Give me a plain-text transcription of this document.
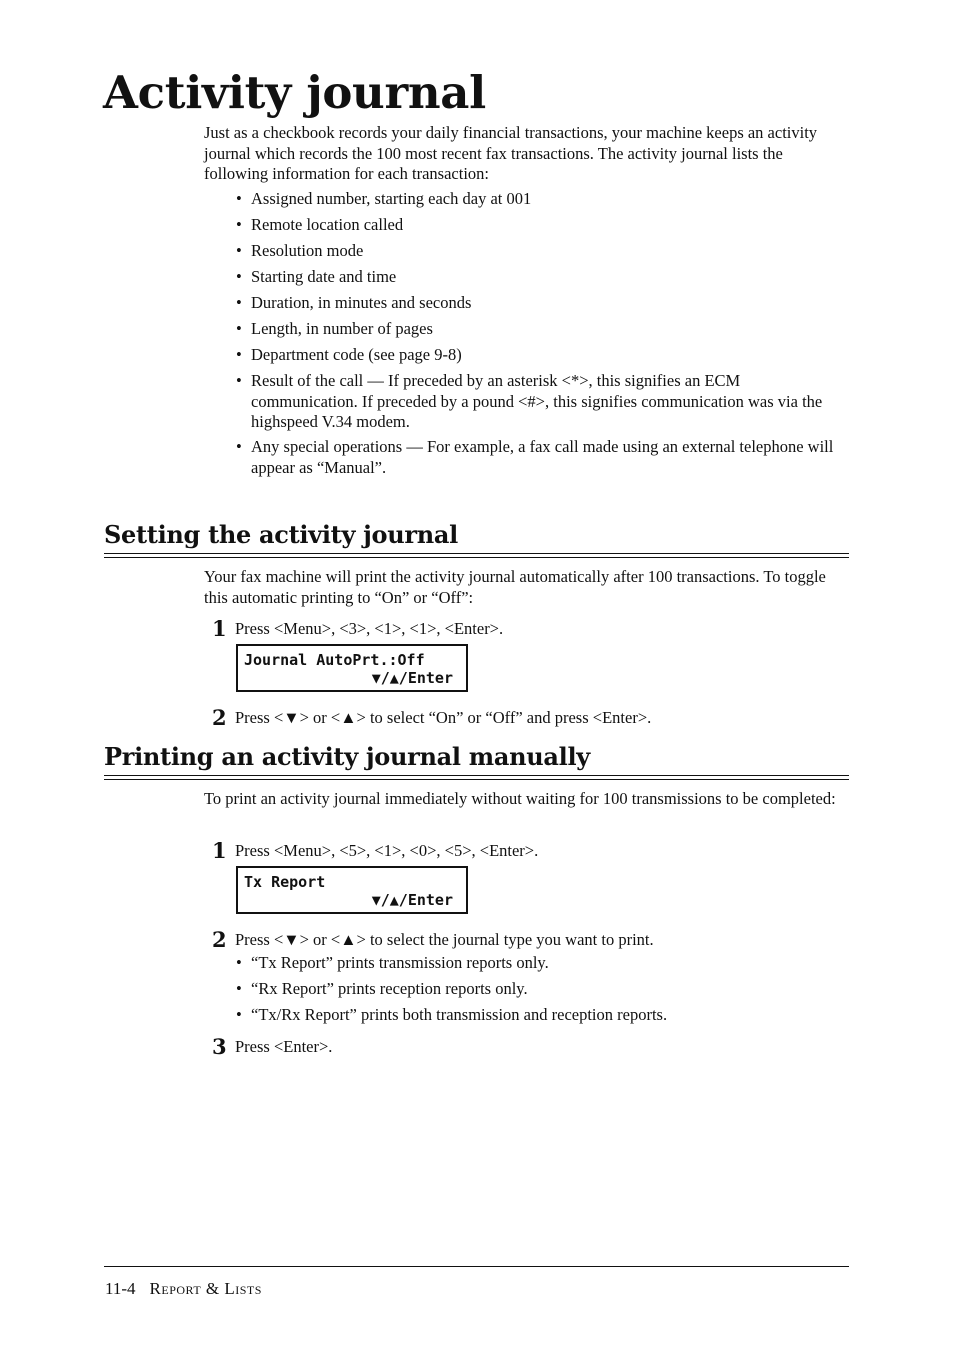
Activity journal
Just as a checkbook records your daily financial transactions, your machine keeps an activity journal which records the 100 most recent fax transactions. The activity journal lists the following information for each transaction:
• Assigned number, starting each day at 001
• Remote location called
• Resolution mode
• Starting date and time
• Duration, in minutes and seconds
• Length, in number of pages
• Department code (see page 9-8)
• Result of the call — If preceded by an asterisk <*>, this signifies an ECM communication. If preceded by a pound <#>, this signifies communication was via the highspeed V.34 modem.
• Any special operations — For example, a fax call made using an external telephone will appear as “Manual”.
Setting the activity journal
Your fax machine will print the activity journal automatically after 100 transactions. To toggle this automatic printing to “On” or “Off”:
1 Press <Menu>, <3>, <1>, <1>, <Enter>.
Journal AutoPrt.:Off
▼/▲/Enter
2 Press <▼> or <▲> to select “On” or “Off” and press <Enter>.
Printing an activity journal manually
To print an activity journal immediately without waiting for 100 transmissions to be completed:
1 Press <Menu>, <5>, <1>, <0>, <5>, <Enter>.
Tx Report
▼/▲/Enter
2 Press <▼> or <▲> to select the journal type you want to print.
• “Tx Report” prints transmission reports only.
• “Rx Report” prints reception reports only.
• “Tx/Rx Report” prints both transmission and reception reports.
3 Press <Enter>.
11-4 Report & Lists
